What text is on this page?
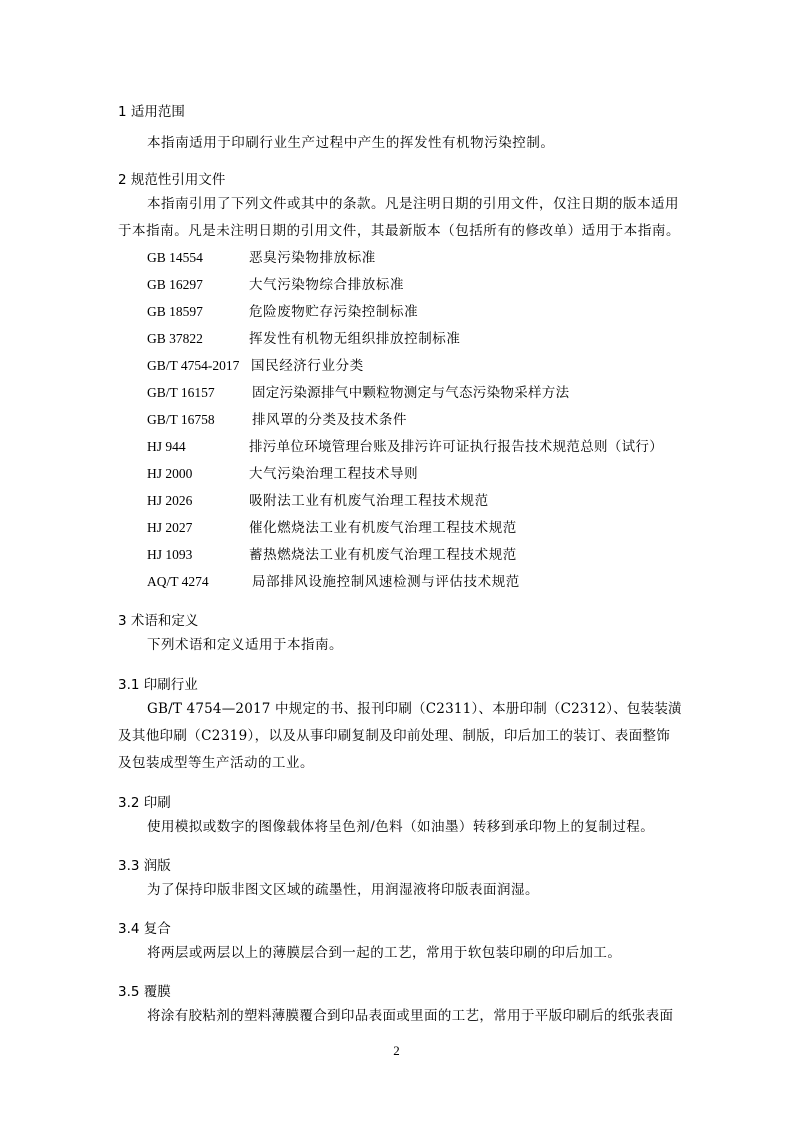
1 适用范围
本指南适用于印刷行业生产过程中产生的挥发性有机物污染控制。
2 规范性引用文件
本指南引用了下列文件或其中的条款。凡是注明日期的引用文件，仅注日期的版本适用
于本指南。凡是未注明日期的引用文件，其最新版本（包括所有的修改单）适用于本指南。
GB 14554	恶臭污染物排放标准
GB 16297	大气污染物综合排放标准
GB 18597	危险废物贮存污染控制标准
GB 37822	挥发性有机物无组织排放控制标准
GB/T 4754-2017 国民经济行业分类
GB/T 16157	固定污染源排气中颗粒物测定与气态污染物采样方法
GB/T 16758	排风罩的分类及技术条件
HJ 944	排污单位环境管理台账及排污许可证执行报告技术规范总则（试行）
HJ 2000	大气污染治理工程技术导则
HJ 2026	吸附法工业有机废气治理工程技术规范
HJ 2027	催化燃烧法工业有机废气治理工程技术规范
HJ 1093	蓄热燃烧法工业有机废气治理工程技术规范
AQ/T 4274	局部排风设施控制风速检测与评估技术规范
3 术语和定义
下列术语和定义适用于本指南。
3.1 印刷行业
GB/T 4754—2017 中规定的书、报刊印刷（C2311）、本册印制（C2312）、包装装潢
及其他印刷（C2319），以及从事印刷复制及印前处理、制版，印后加工的装订、表面整饰
及包装成型等生产活动的工业。
3.2 印刷
使用模拟或数字的图像载体将呈色剂/色料（如油墨）转移到承印物上的复制过程。
3.3 润版
为了保持印版非图文区域的疏墨性，用润湿液将印版表面润湿。
3.4 复合
将两层或两层以上的薄膜层合到一起的工艺，常用于软包装印刷的印后加工。
3.5 覆膜
将涂有胶粘剂的塑料薄膜覆合到印品表面或里面的工艺，常用于平版印刷后的纸张表面
2
